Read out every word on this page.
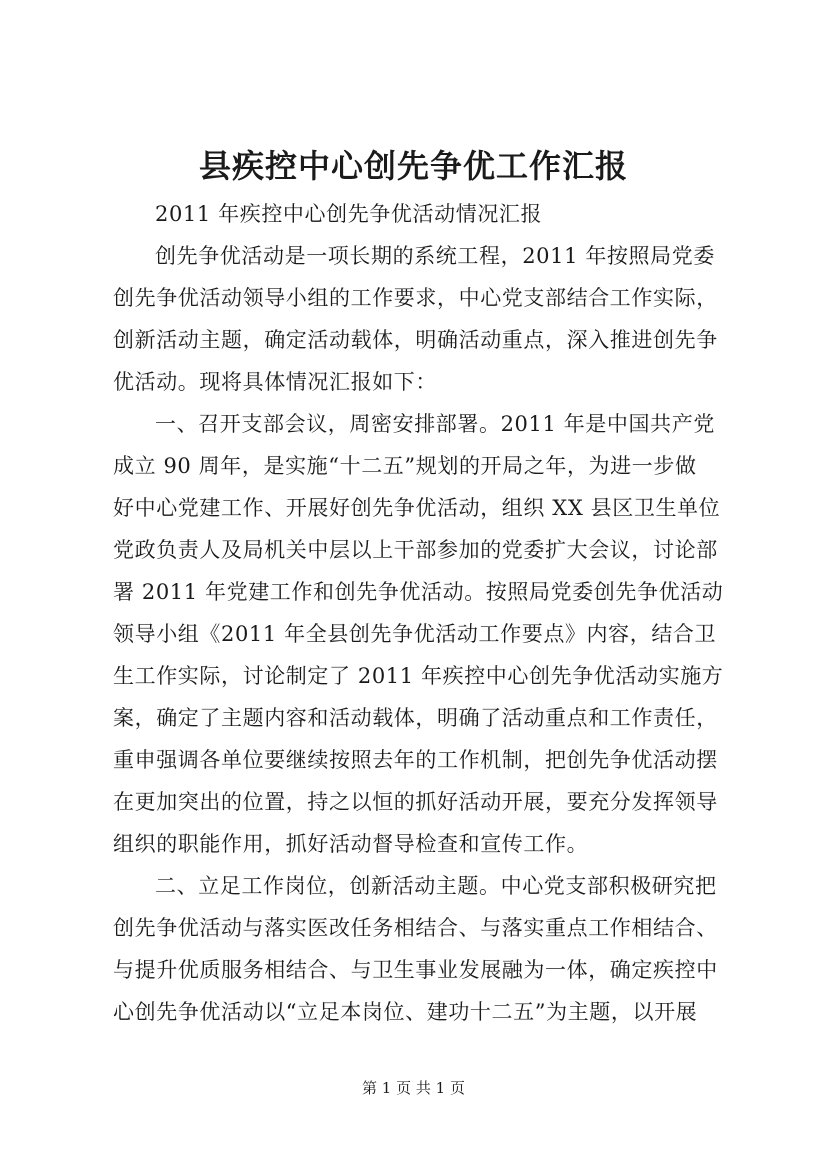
县疾控中心创先争优工作汇报
2011 年疾控中心创先争优活动情况汇报
创先争优活动是一项长期的系统工程，2011 年按照局党委
创先争优活动领导小组的工作要求，中心党支部结合工作实际，
创新活动主题，确定活动载体，明确活动重点，深入推进创先争
优活动。现将具体情况汇报如下：
一、召开支部会议，周密安排部署。2011 年是中国共产党
成立 90 周年，是实施“十二五”规划的开局之年，为进一步做
好中心党建工作、开展好创先争优活动，组织 XX 县区卫生单位
党政负责人及局机关中层以上干部参加的党委扩大会议，讨论部
署 2011 年党建工作和创先争优活动。按照局党委创先争优活动
领导小组《2011 年全县创先争优活动工作要点》内容，结合卫
生工作实际，讨论制定了 2011 年疾控中心创先争优活动实施方
案，确定了主题内容和活动载体，明确了活动重点和工作责任，
重申强调各单位要继续按照去年的工作机制，把创先争优活动摆
在更加突出的位置，持之以恒的抓好活动开展，要充分发挥领导
组织的职能作用，抓好活动督导检查和宣传工作。
二、立足工作岗位，创新活动主题。中心党支部积极研究把
创先争优活动与落实医改任务相结合、与落实重点工作相结合、
与提升优质服务相结合、与卫生事业发展融为一体，确定疾控中
心创先争优活动以“立足本岗位、建功十二五”为主题，以开展
第 1 页 共 1 页
